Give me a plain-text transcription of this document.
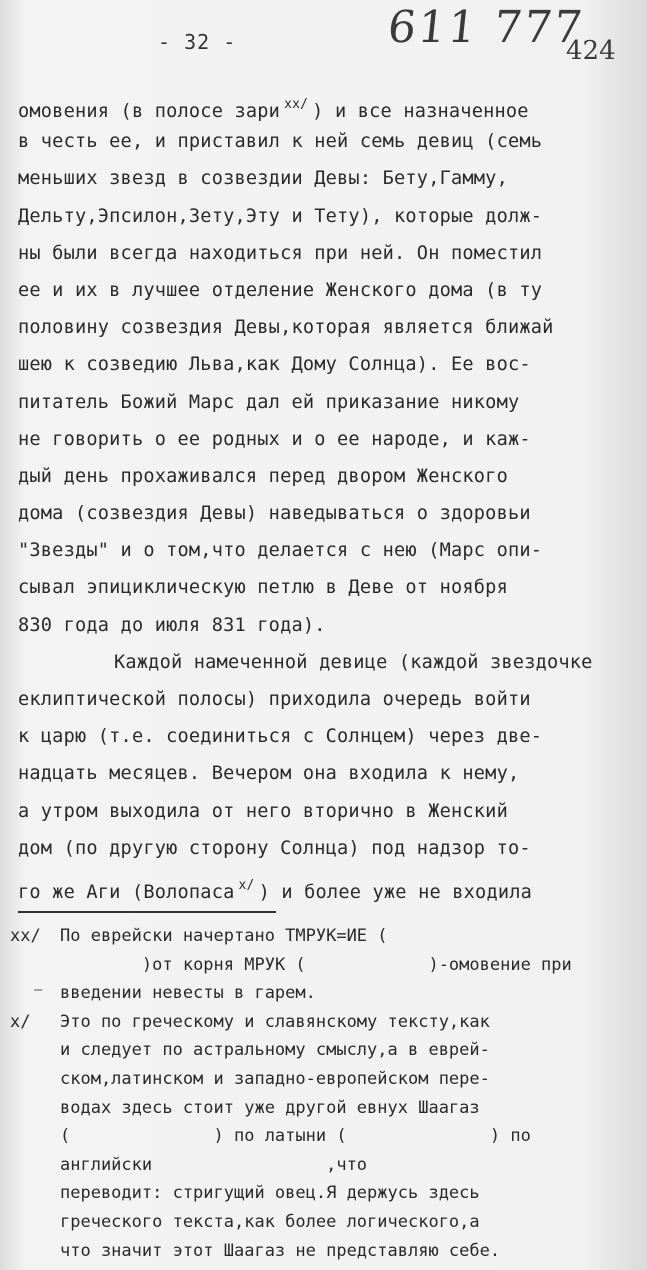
- 32 -	611 777
424
омовения (в полосе зари $^{xx/}$ ) и все назначенное
в честь ее, и приставил к ней семь девиц (семь
меньших звезд в созвездии Девы: Бету,Гамму,
Дельту,Эпсилон,Зету,Эту и Тету), которые долж-
ны были всегда находиться при ней. Он поместил
ее и их в лучшее отделение Женского дома (в ту
половину созвездия Девы,которая является ближай
шею к созведию Льва,как Дому Солнца). Ее вос-
питатель Божий Марс дал ей приказание никому
не говорить о ее родных и о ее народе, и каж-
дый день прохаживался перед двором Женского
дома (созвездия Девы) наведываться о здоровьи
"Звезды" и о том,что делается с нею (Марс опи-
сывал эпициклическую петлю в Деве от ноября
830 года до июля 831 года).
Каждой намеченной девице (каждой звездочке
еклиптической полосы) приходила очередь войти
к царю (т.е. соединиться с Солнцем) через две-
надцать месяцев. Вечером она входила к нему,
а утром выходила от него вторично в Женский
дом (по другую сторону Солнца) под надзор то-
го же Аги (Волопаса $^{x/}$ ) и более уже не входила
—
xx/ По еврейски начертано ТМРУК=ИЕ (
)от корня МРУК (            )-омовение при
введении невесты в гарем.
x/ Это по греческому и славянскому тексту,как
и следует по астральному смыслу,а в еврей-
ском,латинском и западно-европейском пере-
водах здесь стоит уже другой евнух Шаагаз
(              ) по латыни (              ) по
английски                 ,что
переводит: стригущий овец.Я держусь здесь
греческого текста,как более логического,а
что значит этот Шаагаз не представляю себе.
